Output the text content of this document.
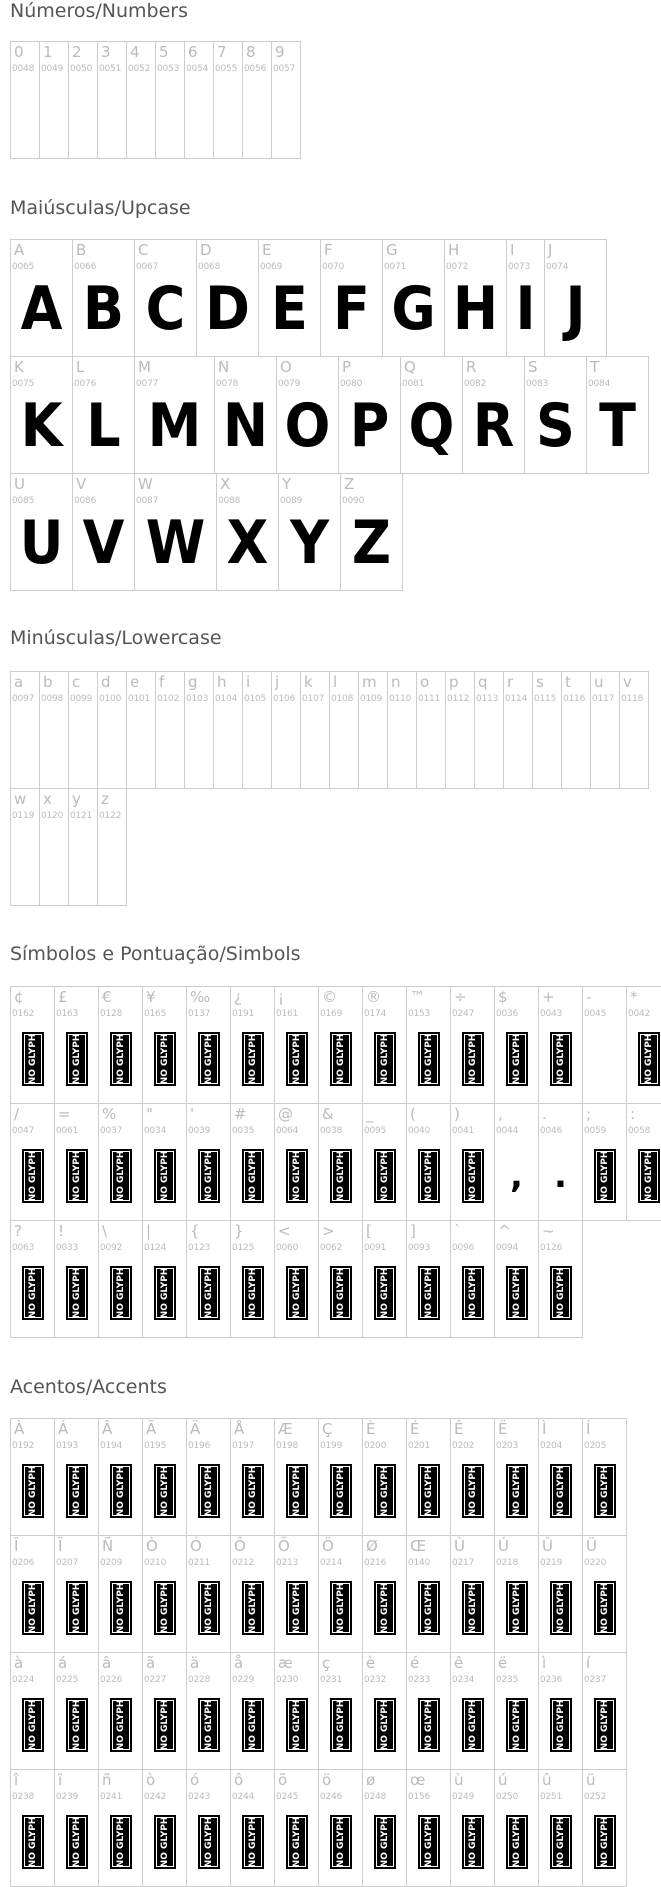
Números/Numbers
0
0048
1
0049
2
0050
3
0051
4
0052
5
0053
6
0054
7
0055
8
0056
9
0057
Maiúsculas/Upcase
A
0065
A
B
0066
B
C
0067
C
D
0068
D
E
0069
E
F
0070
F
G
0071
G
H
0072
H
I
0073
I
J
0074
J
K
0075
K
L
0076
L
M
0077
M
N
0078
N
O
0079
O
P
0080
P
Q
0081
Q
R
0082
R
S
0083
S
T
0084
T
U
0085
U
V
0086
V
W
0087
W
X
0088
X
Y
0089
Y
Z
0090
Z
Minúsculas/Lowercase
a
0097
b
0098
c
0099
d
0100
e
0101
f
0102
g
0103
h
0104
i
0105
j
0106
k
0107
l
0108
m
0109
n
0110
o
0111
p
0112
q
0113
r
0114
s
0115
t
0116
u
0117
v
0118
w
0119
x
0120
y
0121
z
0122
Símbolos e Pontuação/Simbols
¢
0162
NO GLYPH
£
0163
NO GLYPH
€
0128
NO GLYPH
¥
0165
NO GLYPH
‰
0137
NO GLYPH
¿
0191
NO GLYPH
¡
0161
NO GLYPH
©
0169
NO GLYPH
®
0174
NO GLYPH
™
0153
NO GLYPH
÷
0247
NO GLYPH
$
0036
NO GLYPH
+
0043
NO GLYPH
-
0045
*
0042
NO GLYPH
/
0047
NO GLYPH
=
0061
NO GLYPH
%
0037
NO GLYPH
"
0034
NO GLYPH
'
0039
NO GLYPH
#
0035
NO GLYPH
@
0064
NO GLYPH
&
0038
NO GLYPH
_
0095
NO GLYPH
(
0040
NO GLYPH
)
0041
NO GLYPH
,
0044
,
.
0046
.
;
0059
NO GLYPH
:
0058
NO GLYPH
?
0063
NO GLYPH
!
0033
NO GLYPH
\
0092
NO GLYPH
|
0124
NO GLYPH
{
0123
NO GLYPH
}
0125
NO GLYPH
<
0060
NO GLYPH
>
0062
NO GLYPH
[
0091
NO GLYPH
]
0093
NO GLYPH
`
0096
NO GLYPH
^
0094
NO GLYPH
~
0126
NO GLYPH
Acentos/Accents
À
0192
NO GLYPH
Á
0193
NO GLYPH
Â
0194
NO GLYPH
Ã
0195
NO GLYPH
Ä
0196
NO GLYPH
Å
0197
NO GLYPH
Æ
0198
NO GLYPH
Ç
0199
NO GLYPH
È
0200
NO GLYPH
É
0201
NO GLYPH
Ê
0202
NO GLYPH
Ë
0203
NO GLYPH
Ì
0204
NO GLYPH
Í
0205
NO GLYPH
Î
0206
NO GLYPH
Ï
0207
NO GLYPH
Ñ
0209
NO GLYPH
Ò
0210
NO GLYPH
Ó
0211
NO GLYPH
Ô
0212
NO GLYPH
Õ
0213
NO GLYPH
Ö
0214
NO GLYPH
Ø
0216
NO GLYPH
Œ
0140
NO GLYPH
Ù
0217
NO GLYPH
Ú
0218
NO GLYPH
Û
0219
NO GLYPH
Ü
0220
NO GLYPH
à
0224
NO GLYPH
á
0225
NO GLYPH
â
0226
NO GLYPH
ã
0227
NO GLYPH
ä
0228
NO GLYPH
å
0229
NO GLYPH
æ
0230
NO GLYPH
ç
0231
NO GLYPH
è
0232
NO GLYPH
é
0233
NO GLYPH
ê
0234
NO GLYPH
ë
0235
NO GLYPH
ì
0236
NO GLYPH
í
0237
NO GLYPH
î
0238
NO GLYPH
ï
0239
NO GLYPH
ñ
0241
NO GLYPH
ò
0242
NO GLYPH
ó
0243
NO GLYPH
ô
0244
NO GLYPH
õ
0245
NO GLYPH
ö
0246
NO GLYPH
ø
0248
NO GLYPH
œ
0156
NO GLYPH
ù
0249
NO GLYPH
ú
0250
NO GLYPH
û
0251
NO GLYPH
ü
0252
NO GLYPH
